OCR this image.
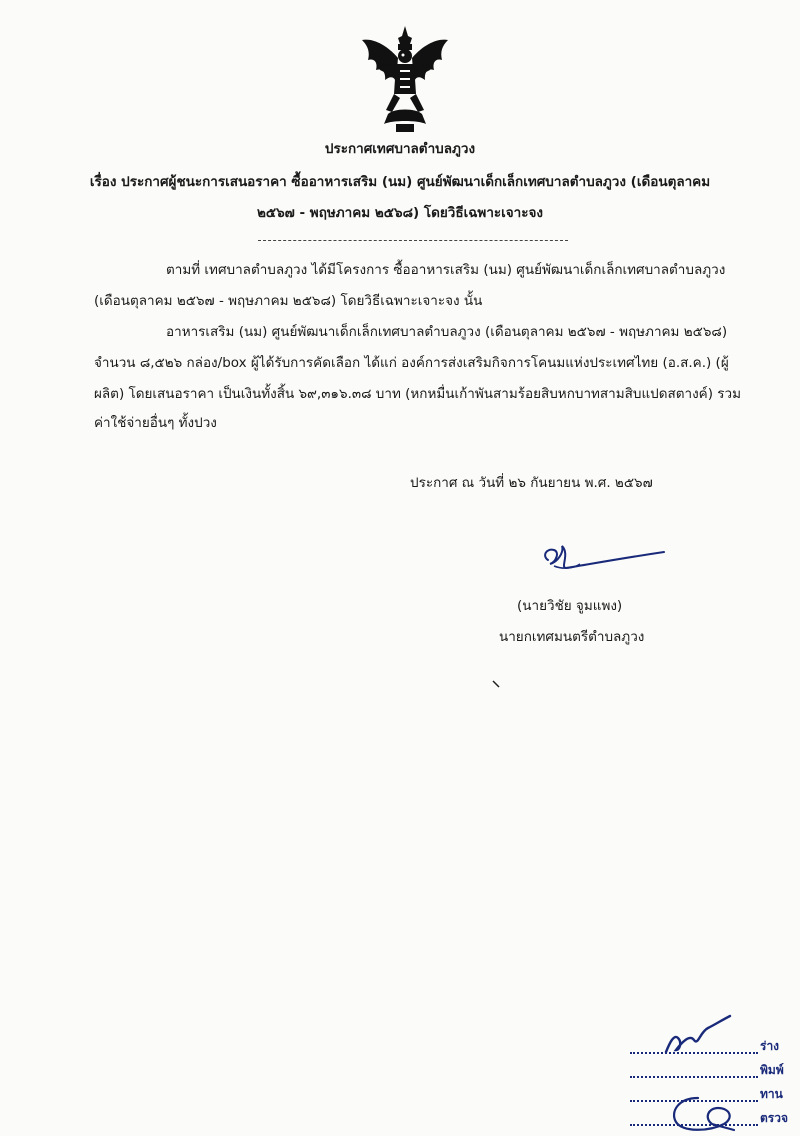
ประกาศเทศบาลตำบลภูวง
เรื่อง ประกาศผู้ชนะการเสนอราคา ซื้ออาหารเสริม (นม) ศูนย์พัฒนาเด็กเล็กเทศบาลตำบลภูวง (เดือนตุลาคม
๒๕๖๗ - พฤษภาคม ๒๕๖๘) โดยวิธีเฉพาะเจาะจง
ตามที่ เทศบาลตำบลภูวง ได้มีโครงการ ซื้ออาหารเสริม (นม) ศูนย์พัฒนาเด็กเล็กเทศบาลตำบลภูวง
(เดือนตุลาคม ๒๕๖๗ - พฤษภาคม ๒๕๖๘) โดยวิธีเฉพาะเจาะจง นั้น
อาหารเสริม (นม) ศูนย์พัฒนาเด็กเล็กเทศบาลตำบลภูวง (เดือนตุลาคม ๒๕๖๗ - พฤษภาคม ๒๕๖๘)
จำนวน ๘,๕๒๖ กล่อง/box ผู้ได้รับการคัดเลือก ได้แก่ องค์การส่งเสริมกิจการโคนมแห่งประเทศไทย (อ.ส.ค.) (ผู้
ผลิต) โดยเสนอราคา เป็นเงินทั้งสิ้น ๖๙,๓๑๖.๓๘ บาท (หกหมื่นเก้าพันสามร้อยสิบหกบาทสามสิบแปดสตางค์) รวม
ค่าใช้จ่ายอื่นๆ ทั้งปวง
ประกาศ ณ วันที่ ๒๖ กันยายน พ.ศ. ๒๕๖๗
(นายวิชัย จูมแพง)
นายกเทศมนตรีตำบลภูวง
ร่าง
พิมพ์
ทาน
ตรวจ
